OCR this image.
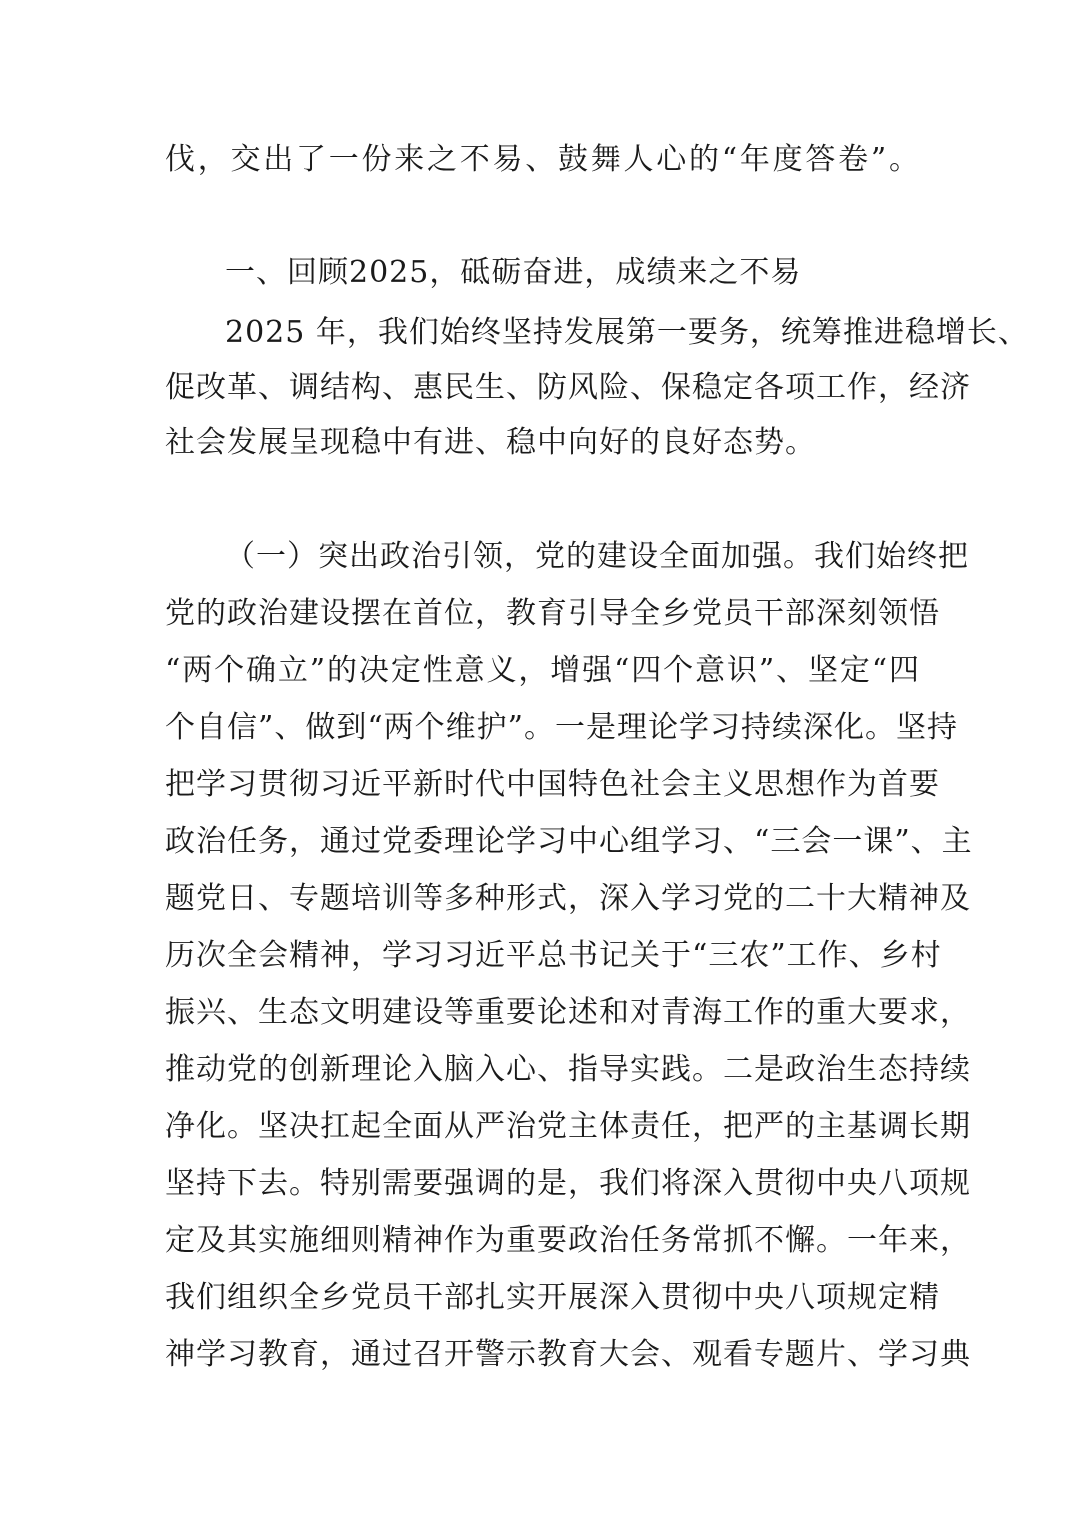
伐，交出了一份来之不易、鼓舞人心的“年度答卷”。
一、回顾2025，砥砺奋进，成绩来之不易
2025 年，我们始终坚持发展第一要务，统筹推进稳增长、
促改革、调结构、惠民生、防风险、保稳定各项工作，经济
社会发展呈现稳中有进、稳中向好的良好态势。
（一）突出政治引领，党的建设全面加强。我们始终把
党的政治建设摆在首位，教育引导全乡党员干部深刻领悟
“两个确立”的决定性意义，增强“四个意识”、坚定“四
个自信”、做到“两个维护”。一是理论学习持续深化。坚持
把学习贯彻习近平新时代中国特色社会主义思想作为首要
政治任务，通过党委理论学习中心组学习、“三会一课”、主
题党日、专题培训等多种形式，深入学习党的二十大精神及
历次全会精神，学习习近平总书记关于“三农”工作、乡村
振兴、生态文明建设等重要论述和对青海工作的重大要求，
推动党的创新理论入脑入心、指导实践。二是政治生态持续
净化。坚决扛起全面从严治党主体责任，把严的主基调长期
坚持下去。特别需要强调的是，我们将深入贯彻中央八项规
定及其实施细则精神作为重要政治任务常抓不懈。一年来，
我们组织全乡党员干部扎实开展深入贯彻中央八项规定精
神学习教育，通过召开警示教育大会、观看专题片、学习典
